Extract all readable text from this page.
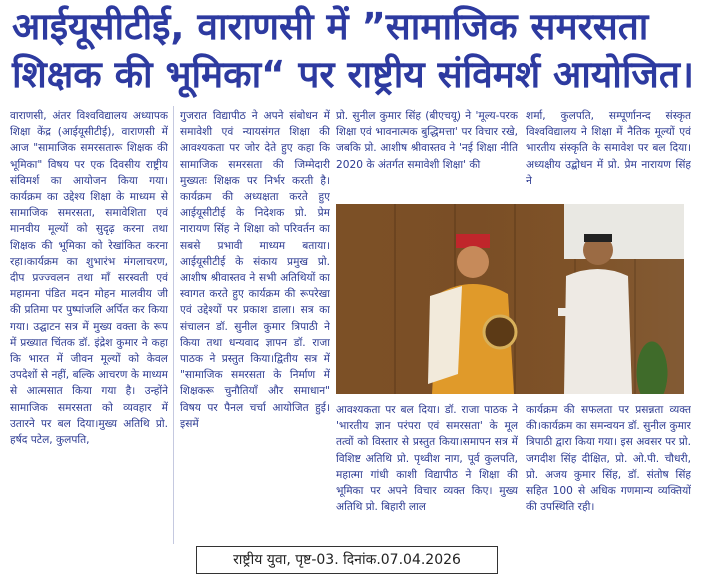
आईयूसीटीई, वाराणसी में ”सामाजिक समरसता
शिक्षक की भूमिका“ पर राष्ट्रीय संविमर्श आयोजित।
वाराणसी, अंतर विश्वविद्यालय अध्यापक शिक्षा केंद्र (आईयूसीटीई), वाराणसी में आज "सामाजिक समरसतारू शिक्षक की भूमिका" विषय पर एक दिवसीय राष्ट्रीय संविमर्श का आयोजन किया गया। कार्यक्रम का उद्देश्य शिक्षा के माध्यम से सामाजिक समरसता, समावेशिता एवं मानवीय मूल्यों को सुदृढ़ करना तथा शिक्षक की भूमिका को रेखांकित करना रहा।कार्यक्रम का शुभारंभ मंगलाचरण, दीप प्रज्ज्वलन तथा माँ सरस्वती एवं महामना पंडित मदन मोहन मालवीय जी की प्रतिमा पर पुष्पांजलि अर्पित कर किया गया। उद्घाटन सत्र में मुख्य वक्ता के रूप में प्रख्यात चिंतक डॉ. इंद्रेश कुमार ने कहा कि भारत में जीवन मूल्यों को केवल उपदेशों से नहीं, बल्कि आचरण के माध्यम से आत्मसात किया गया है। उन्होंने सामाजिक समरसता को व्यवहार में उतारने पर बल दिया।मुख्य अतिथि प्रो. हर्षद पटेल, कुलपति,
गुजरात विद्यापीठ ने अपने संबोधन में समावेशी एवं न्यायसंगत शिक्षा की आवश्यकता पर जोर देते हुए कहा कि सामाजिक समरसता की जिम्मेदारी मुख्यतः शिक्षक पर निर्भर करती है। कार्यक्रम की अध्यक्षता करते हुए आईयूसीटीई के निदेशक प्रो. प्रेम नारायण सिंह ने शिक्षा को परिवर्तन का सबसे प्रभावी माध्यम बताया।आईयूसीटीई के संकाय प्रमुख प्रो. आशीष श्रीवास्तव ने सभी अतिथियों का स्वागत करते हुए कार्यक्रम की रूपरेखा एवं उद्देश्यों पर प्रकाश डाला। सत्र का संचालन डॉ. सुनील कुमार त्रिपाठी ने किया तथा धन्यवाद ज्ञापन डॉ. राजा पाठक ने प्रस्तुत किया।द्वितीय सत्र में "सामाजिक समरसता के निर्माण में शिक्षकरू चुनौतियाँ और समाधान" विषय पर पैनल चर्चा आयोजित हुई। इसमें
प्रो. सुनील कुमार सिंह (बीएचयू) ने 'मूल्य-परक शिक्षा एवं भावनात्मक बुद्धिमत्ता' पर विचार रखे, जबकि प्रो. आशीष श्रीवास्तव ने 'नई शिक्षा नीति 2020 के अंतर्गत समावेशी शिक्षा' की
शर्मा, कुलपति, सम्पूर्णानन्द संस्कृत विश्वविद्यालय ने शिक्षा में नैतिक मूल्यों एवं भारतीय संस्कृति के समावेश पर बल दिया। अध्यक्षीय उद्बोधन में प्रो. प्रेम नारायण सिंह ने
आवश्यकता पर बल दिया। डॉ. राजा पाठक ने 'भारतीय ज्ञान परंपरा एवं समरसता' के मूल तत्वों को विस्तार से प्रस्तुत किया।समापन सत्र में विशिष्ट अतिथि प्रो. पृथ्वीश नाग, पूर्व कुलपति, महात्मा गांधी काशी विद्यापीठ ने शिक्षा की भूमिका पर अपने विचार व्यक्त किए। मुख्य अतिथि प्रो. बिहारी लाल
कार्यक्रम की सफलता पर प्रसन्नता व्यक्त की।कार्यक्रम का समन्वयन डॉ. सुनील कुमार त्रिपाठी द्वारा किया गया। इस अवसर पर प्रो. जगदीश सिंह दीक्षित, प्रो. ओ.पी. चौधरी, प्रो. अजय कुमार सिंह, डॉ. संतोष सिंह सहित 100 से अधिक गणमान्य व्यक्तियों की उपस्थिति रही।
राष्ट्रीय युवा, पृष्ट-03. दिनांक.07.04.2026
